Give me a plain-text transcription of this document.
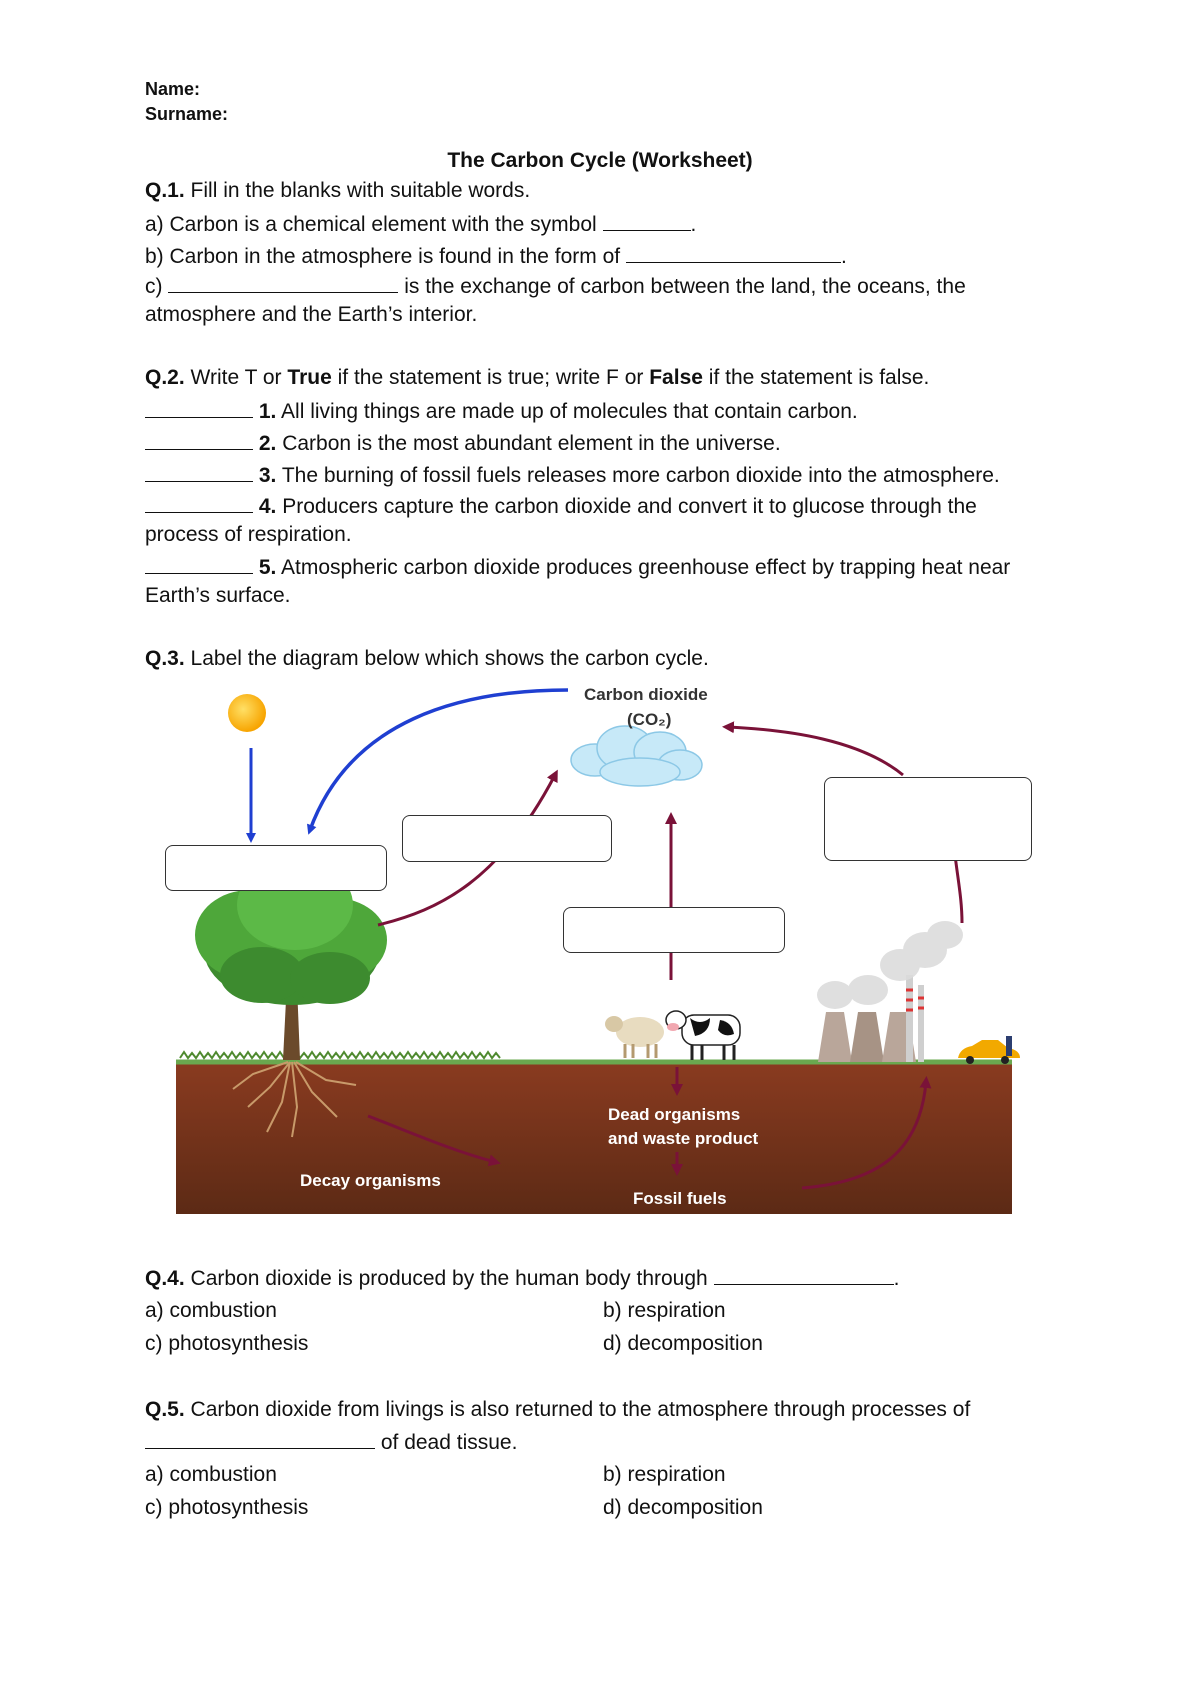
Name:
Surname:
The Carbon Cycle (Worksheet)
Q.1. Fill in the blanks with suitable words.
a) Carbon is a chemical element with the symbol	.
b) Carbon in the atmosphere is found in the form of	.
c)	is the exchange of carbon between the land, the oceans, the
atmosphere and the Earth’s interior.
Q.2. Write T or True if the statement is true; write F or False if the statement is false.
1. All living things are made up of molecules that contain carbon.
2. Carbon is the most abundant element in the universe.
3. The burning of fossil fuels releases more carbon dioxide into the atmosphere.
4. Producers capture the carbon dioxide and convert it to glucose through the
process of respiration.
5. Atmospheric carbon dioxide produces greenhouse effect by trapping heat near
Earth’s surface.
Q.3. Label the diagram below which shows the carbon cycle.
Carbon dioxide
(CO₂)
Dead organisms
and waste product
Decay organisms
Fossil fuels
Q.4. Carbon dioxide is produced by the human body through	.
a) combustion	b) respiration
c) photosynthesis	d) decomposition
Q.5. Carbon dioxide from livings is also returned to the atmosphere through processes of
of dead tissue.
a) combustion	b) respiration
c) photosynthesis	d) decomposition
